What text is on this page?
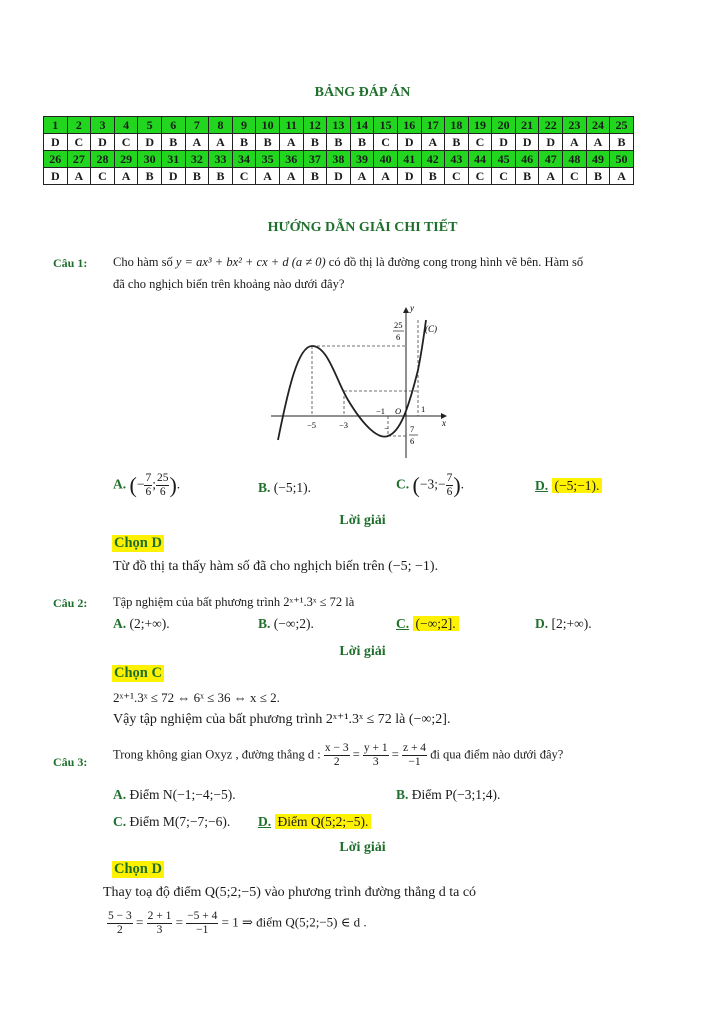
BẢNG ĐÁP ÁN
1	2	3	4	5	6	7	8	9	10	11	12	13	14	15	16	17	18	19	20	21	22	23	24	25
D	C	D	C	D	B	A	A	B	B	A	B	B	B	C	D	A	B	C	D	D	D	A	A	B
26	27	28	29	30	31	32	33	34	35	36	37	38	39	40	41	42	43	44	45	46	47	48	49	50
D	A	C	A	B	D	B	B	C	A	A	B	D	A	A	D	B	C	C	C	B	A	C	B	A
HƯỚNG DẪN GIẢI CHI TIẾT
Câu 1: Cho hàm số y = ax³ + bx² + cx + d (a ≠ 0) có đồ thị là đường cong trong hình vẽ bên. Hàm số
đã cho nghịch biến trên khoảng nào dưới đây?
y
x
(C)
25
6
− 7
6
−5	−3
−1	1
O
A. (− $\frac{7}{6}$ ; $\frac{25}{6}$ ).	B. (−5;1).	C. (−3;− $\frac{7}{6}$ ).	D. (−5;−1).
Lời giải
Chọn D
Từ đồ thị ta thấy hàm số đã cho nghịch biến trên (−5; −1).
Câu 2: Tập nghiệm của bất phương trình 2ˣ⁺¹.3ˣ ≤ 72 là
A. (2;+∞).	B. (−∞;2).	C. (−∞;2].	D. [2;+∞).
Lời giải
Chọn C
2ˣ⁺¹.3ˣ ≤ 72 ⇔ 6ˣ ≤ 36 ⇔ x ≤ 2.
Vậy tập nghiệm của bất phương trình 2ˣ⁺¹.3ˣ ≤ 72 là (−∞;2].
Câu 3:
Trong không gian Oxyz , đường thẳng d : $\frac{x - 3}{2} = \frac{y + 1}{3} = \frac{z + 4}{-1}$ đi qua điểm nào dưới đây?
A. Điểm N(−1;−4;−5).	B. Điểm P(−3;1;4).
C. Điểm M(7;−7;−6). D. Điểm Q(5;2;−5).
Lời giải
Chọn D
Thay toạ độ điểm Q(5;2;−5) vào phương trình đường thẳng d ta có
$\frac{5 - 3}{2} = \frac{2 + 1}{3} = \frac{-5 + 4}{-1} = 1$ ⇒ điểm Q(5;2;−5) ∈ d .
